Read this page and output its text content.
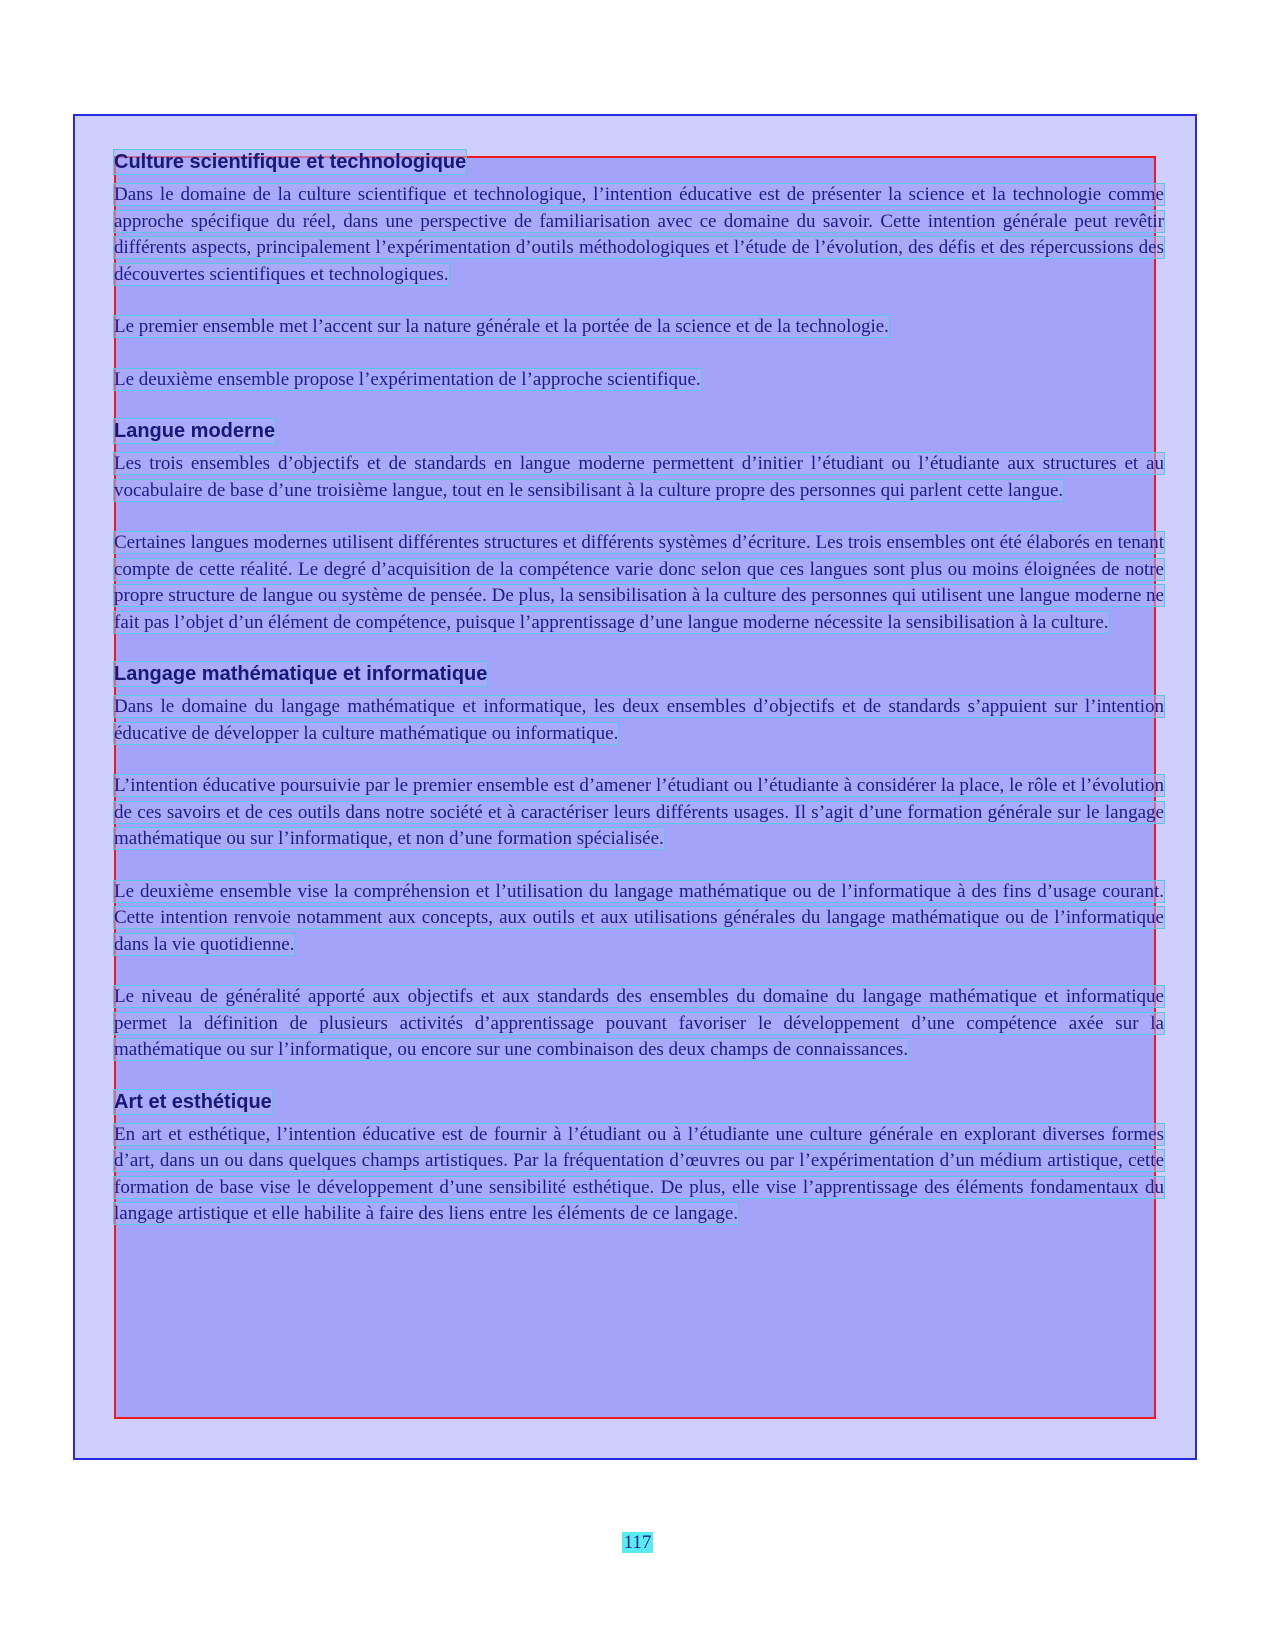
Culture scientifique et technologique

Dans le domaine de la culture scientifique et technologique, l’intention éducative est de présenter la science et la technologie comme approche spécifique du réel, dans une perspective de familiarisation avec ce domaine du savoir. Cette intention générale peut revêtir différents aspects, principalement l’expérimentation d’outils méthodologiques et l’étude de l’évolution, des défis et des répercussions des découvertes scientifiques et technologiques.

Le premier ensemble met l’accent sur la nature générale et la portée de la science et de la technologie.

Le deuxième ensemble propose l’expérimentation de l’approche scientifique.

Langue moderne

Les trois ensembles d’objectifs et de standards en langue moderne permettent d’initier l’étudiant ou l’étudiante aux structures et au vocabulaire de base d’une troisième langue, tout en le sensibilisant à la culture propre des personnes qui parlent cette langue.

Certaines langues modernes utilisent différentes structures et différents systèmes d’écriture. Les trois ensembles ont été élaborés en tenant compte de cette réalité. Le degré d’acquisition de la compétence varie donc selon que ces langues sont plus ou moins éloignées de notre propre structure de langue ou système de pensée. De plus, la sensibilisation à la culture des personnes qui utilisent une langue moderne ne fait pas l’objet d’un élément de compétence, puisque l’apprentissage d’une langue moderne nécessite la sensibilisation à la culture.

Langage mathématique et informatique

Dans le domaine du langage mathématique et informatique, les deux ensembles d’objectifs et de standards s’appuient sur l’intention éducative de développer la culture mathématique ou informatique.

L’intention éducative poursuivie par le premier ensemble est d’amener l’étudiant ou l’étudiante à considérer la place, le rôle et l’évolution de ces savoirs et de ces outils dans notre société et à caractériser leurs différents usages. Il s’agit d’une formation générale sur le langage mathématique ou sur l’informatique, et non d’une formation spécialisée.

Le deuxième ensemble vise la compréhension et l’utilisation du langage mathématique ou de l’informatique à des fins d’usage courant. Cette intention renvoie notamment aux concepts, aux outils et aux utilisations générales du langage mathématique ou de l’informatique dans la vie quotidienne.

Le niveau de généralité apporté aux objectifs et aux standards des ensembles du domaine du langage mathématique et informatique permet la définition de plusieurs activités d’apprentissage pouvant favoriser le développement d’une compétence axée sur la mathématique ou sur l’informatique, ou encore sur une combinaison des deux champs de connaissances.

Art et esthétique

En art et esthétique, l’intention éducative est de fournir à l’étudiant ou à l’étudiante une culture générale en explorant diverses formes d’art, dans un ou dans quelques champs artistiques. Par la fréquentation d’œuvres ou par l’expérimentation d’un médium artistique, cette formation de base vise le développement d’une sensibilité esthétique. De plus, elle vise l’apprentissage des éléments fondamentaux du langage artistique et elle habilite à faire des liens entre les éléments de ce langage.

117
